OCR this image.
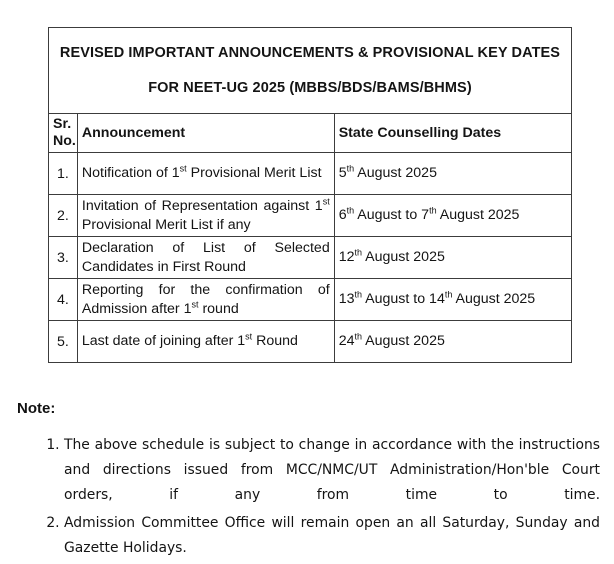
REVISED IMPORTANT ANNOUNCEMENTS & PROVISIONAL KEY DATES
FOR NEET-UG 2025 (MBBS/BDS/BAMS/BHMS)		

Sr.
No.	Announcement	State Counselling Dates
1.	Notification of 1st Provisional Merit List	5th August 2025
2.	Invitation of Representation against 1st Provisional Merit List if any	6th August to 7th August 2025
3.	Declaration of List of Selected Candidates in First Round	12th August 2025
4.	Reporting for the confirmation of Admission after 1st round	13th August to 14th August 2025
5.	Last date of joining after 1st Round	24th August 2025
Note:
1. The above schedule is subject to change in accordance with the instructions and directions issued from MCC/NMC/UT Administration/Hon'ble Court orders, if any from time to time.
2. Admission Committee Office will remain open an all Saturday, Sunday and Gazette Holidays.
